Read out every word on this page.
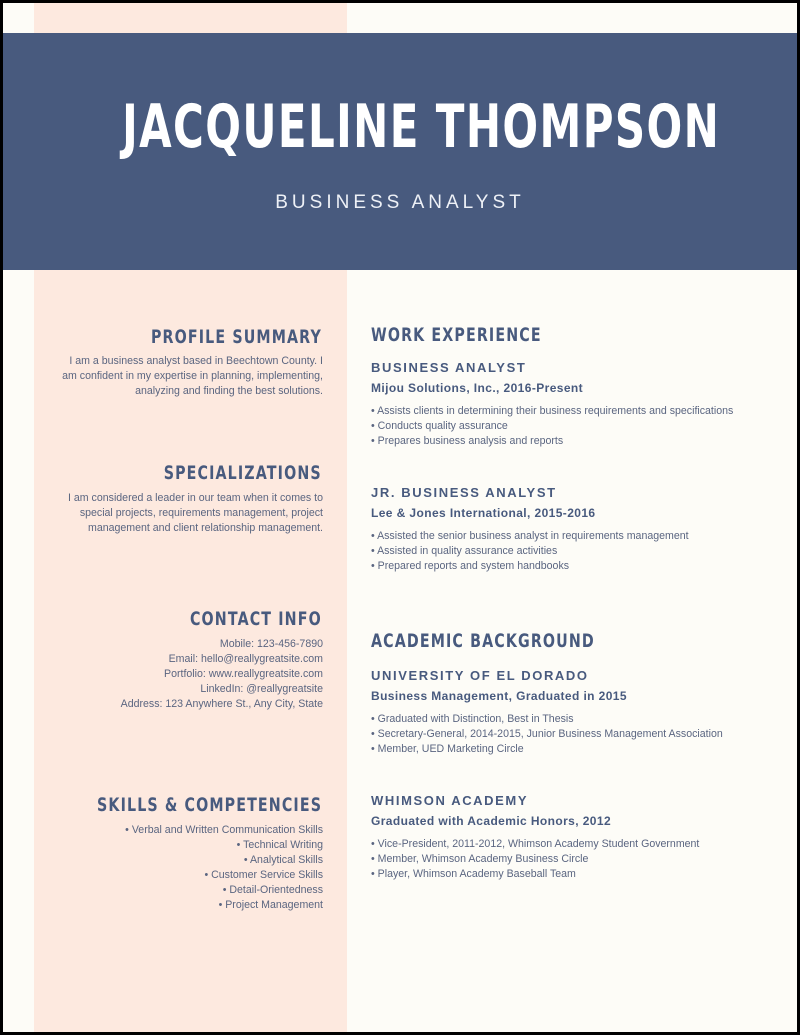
JACQUELINE THOMPSON
BUSINESS ANALYST
PROFILE SUMMARY
I am a business analyst based in Beechtown County. I
am confident in my expertise in planning, implementing,
analyzing and finding the best solutions.
SPECIALIZATIONS
I am considered a leader in our team when it comes to
special projects, requirements management, project
management and client relationship management.
CONTACT INFO
Mobile: 123-456-7890
Email: hello@reallygreatsite.com
Portfolio: www.reallygreatsite.com
LinkedIn: @reallygreatsite
Address: 123 Anywhere St., Any City, State
SKILLS & COMPETENCIES
• Verbal and Written Communication Skills
• Technical Writing
• Analytical Skills
• Customer Service Skills
• Detail-Orientedness
• Project Management
WORK EXPERIENCE
BUSINESS ANALYST
Mijou Solutions, Inc., 2016-Present
• Assists clients in determining their business requirements and specifications
• Conducts quality assurance
• Prepares business analysis and reports
JR. BUSINESS ANALYST
Lee & Jones International, 2015-2016
• Assisted the senior business analyst in requirements management
• Assisted in quality assurance activities
• Prepared reports and system handbooks
ACADEMIC BACKGROUND
UNIVERSITY OF EL DORADO
Business Management, Graduated in 2015
• Graduated with Distinction, Best in Thesis
• Secretary-General, 2014-2015, Junior Business Management Association
• Member, UED Marketing Circle
WHIMSON ACADEMY
Graduated with Academic Honors, 2012
• Vice-President, 2011-2012, Whimson Academy Student Government
• Member, Whimson Academy Business Circle
• Player, Whimson Academy Baseball Team
